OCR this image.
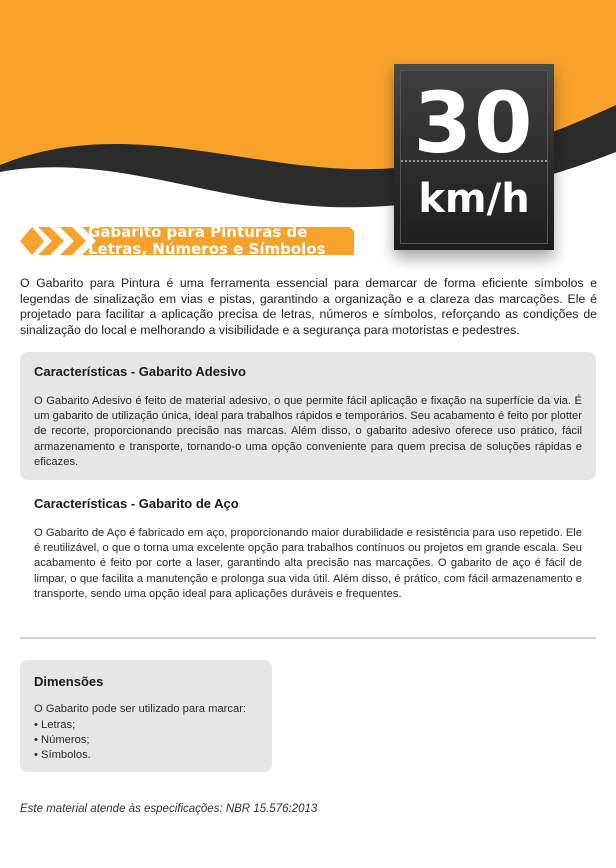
30
km/h
Gabarito para Pinturas de
Letras, Números e Símbolos
O Gabarito para Pintura é uma ferramenta essencial para demarcar de forma eficiente símbolos e legendas de sinalização em vias e pistas, garantindo a organização e a clareza das marcações. Ele é projetado para facilitar a aplicação precisa de letras, números e símbolos, reforçando as condições de sinalização do local e melhorando a visibilidade e a segurança para motoristas e pedestres.
Características - Gabarito Adesivo
O Gabarito Adesivo é feito de material adesivo, o que permite fácil aplicação e fixação na superfície da via. É um gabarito de utilização única, ideal para trabalhos rápidos e temporários. Seu acabamento é feito por plotter de recorte, proporcionando precisão nas marcas. Além disso, o gabarito adesivo oferece uso prático, fácil armazenamento e transporte, tornando-o uma opção conveniente para quem precisa de soluções rápidas e eficazes.
Características - Gabarito de Aço
O Gabarito de Aço é fabricado em aço, proporcionando maior durabilidade e resistência para uso repetido. Ele é reutilizável, o que o torna uma excelente opção para trabalhos contínuos ou projetos em grande escala. Seu acabamento é feito por corte a laser, garantindo alta precisão nas marcações. O gabarito de aço é fácil de limpar, o que facilita a manutenção e prolonga sua vida útil. Além disso, é prático, com fácil armazenamento e transporte, sendo uma opção ideal para aplicações duráveis e frequentes.
Dimensões
O Gabarito pode ser utilizado para marcar:
• Letras;
• Números;
• Símbolos.
Este material atende às especificações: NBR 15.576:2013
